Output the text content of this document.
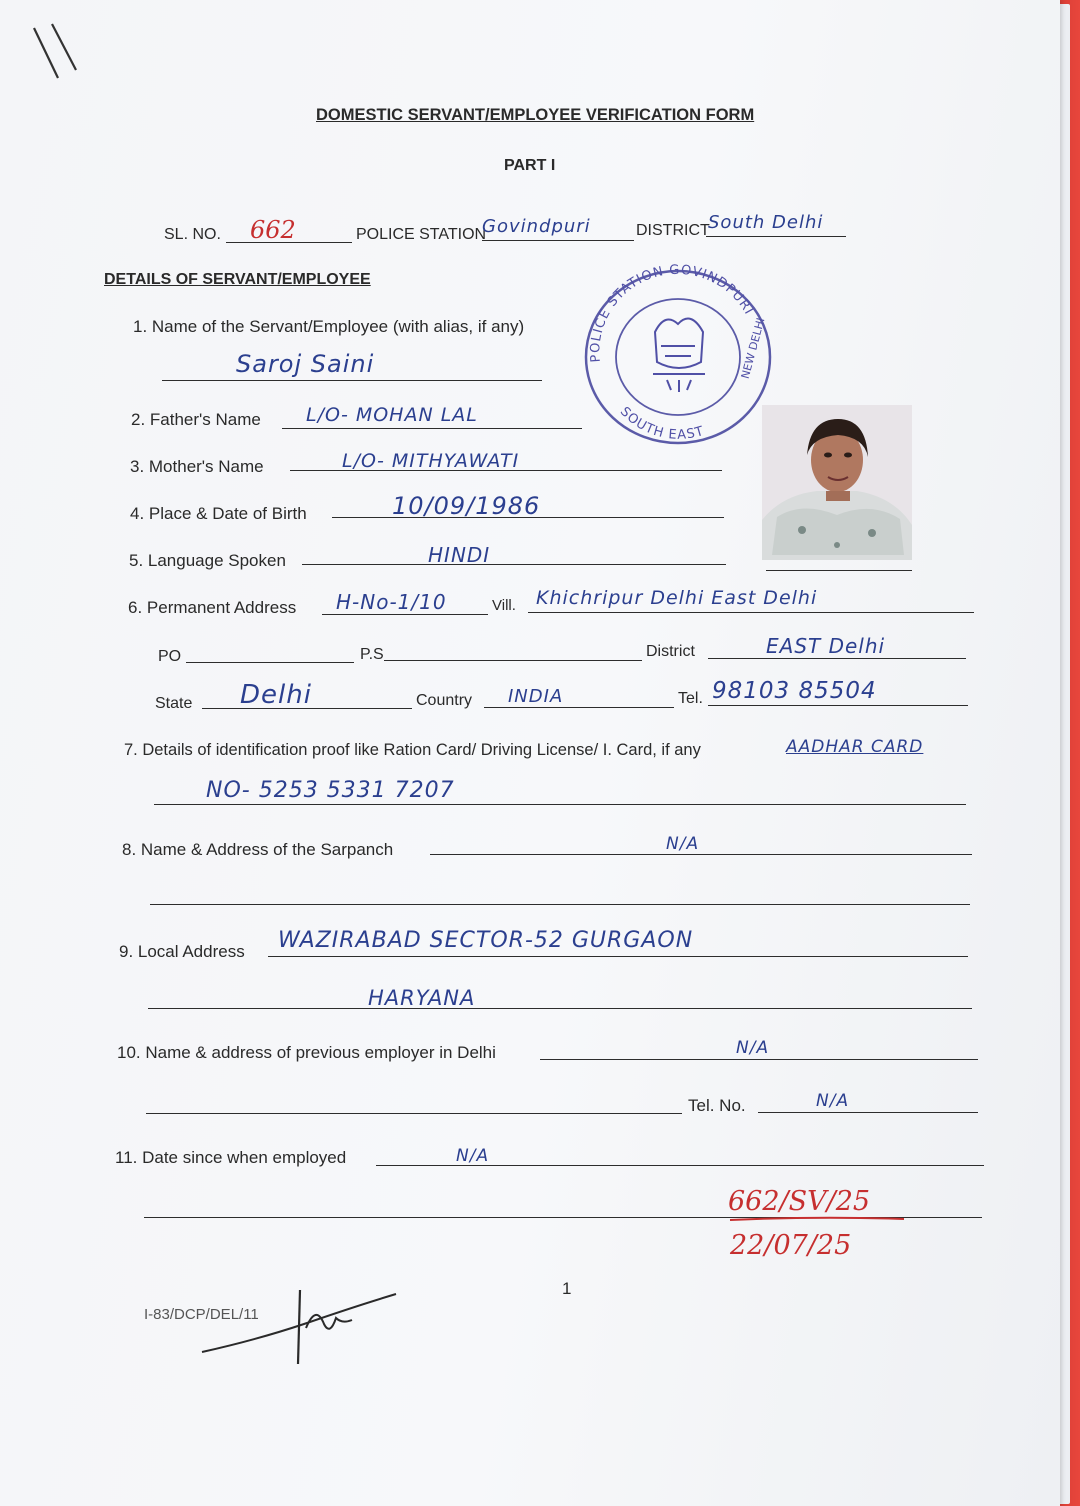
DOMESTIC SERVANT/EMPLOYEE VERIFICATION FORM
PART I
SL. NO. 662	POLICE STATION
Govindpuri	DISTRICT
South Delhi
DETAILS OF SERVANT/EMPLOYEE
POLICE STATION GOVINDPURI
NEW DELHI
SOUTH EAST
1. Name of the Servant/Employee (with alias, if any)
Saroj Saini
2. Father's Name L/O- MOHAN LAL
3. Mother's Name	L/O- MITHYAWATI
4. Place & Date of Birth	10/09/1986
5. Language Spoken	HINDI
6. Permanent Address H-No-1/10	Vill. Khichripur Delhi East Delhi
PO	P.S	District	EAST Delhi
State Delhi	Country INDIA	Tel. 98103 85504
7. Details of identification proof like Ration Card/ Driving License/ I. Card, if any	AADHAR CARD
NO- 5253 5331 7207
8. Name & Address of the Sarpanch	N/A
9. Local Address WAZIRABAD SECTOR-52 GURGAON
HARYANA
10. Name & address of previous employer in Delhi	N/A
Tel. No.	N/A
11. Date since when employed	N/A
662/SV/25
22/07/25
1
I-83/DCP/DEL/11
